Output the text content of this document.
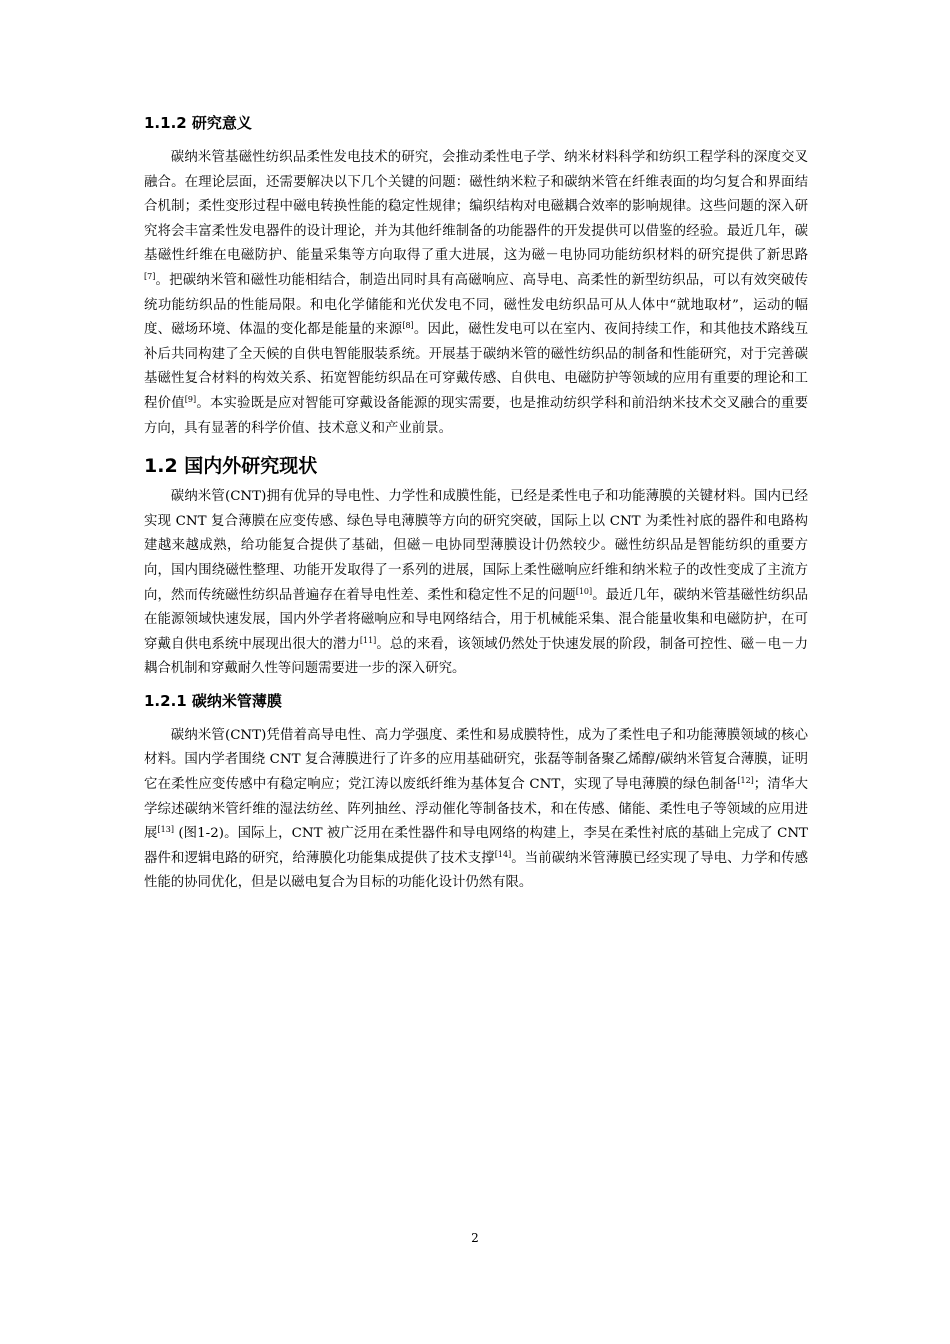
1.1.2 研究意义

碳纳米管基磁性纺织品柔性发电技术的研究，会推动柔性电子学、纳米材料科学和纺织工程学科的深度交叉融合。在理论层面，还需要解决以下几个关键的问题：磁性纳米粒子和碳纳米管在纤维表面的均匀复合和界面结合机制；柔性变形过程中磁电转换性能的稳定性规律；编织结构对电磁耦合效率的影响规律。这些问题的深入研究将会丰富柔性发电器件的设计理论，并为其他纤维制备的功能器件的开发提供可以借鉴的经验。最近几年，碳基磁性纤维在电磁防护、能量采集等方向取得了重大进展，这为磁－电协同功能纺织材料的研究提供了新思路[7]。把碳纳米管和磁性功能相结合，制造出同时具有高磁响应、高导电、高柔性的新型纺织品，可以有效突破传统功能纺织品的性能局限。和电化学储能和光伏发电不同，磁性发电纺织品可从人体中“就地取材”，运动的幅度、磁场环境、体温的变化都是能量的来源[8]。因此，磁性发电可以在室内、夜间持续工作，和其他技术路线互补后共同构建了全天候的自供电智能服装系统。开展基于碳纳米管的磁性纺织品的制备和性能研究，对于完善碳基磁性复合材料的构效关系、拓宽智能纺织品在可穿戴传感、自供电、电磁防护等领域的应用有重要的理论和工程价值[9]。本实验既是应对智能可穿戴设备能源的现实需要，也是推动纺织学科和前沿纳米技术交叉融合的重要方向，具有显著的科学价值、技术意义和产业前景。

1.2 国内外研究现状

碳纳米管(CNT)拥有优异的导电性、力学性和成膜性能，已经是柔性电子和功能薄膜的关键材料。国内已经实现 CNT 复合薄膜在应变传感、绿色导电薄膜等方向的研究突破，国际上以 CNT 为柔性衬底的器件和电路构建越来越成熟，给功能复合提供了基础，但磁－电协同型薄膜设计仍然较少。磁性纺织品是智能纺织的重要方向，国内围绕磁性整理、功能开发取得了一系列的进展，国际上柔性磁响应纤维和纳米粒子的改性变成了主流方向，然而传统磁性纺织品普遍存在着导电性差、柔性和稳定性不足的问题[10]。最近几年，碳纳米管基磁性纺织品在能源领域快速发展，国内外学者将磁响应和导电网络结合，用于机械能采集、混合能量收集和电磁防护，在可穿戴自供电系统中展现出很大的潜力[11]。总的来看，该领域仍然处于快速发展的阶段，制备可控性、磁－电－力耦合机制和穿戴耐久性等问题需要进一步的深入研究。

1.2.1 碳纳米管薄膜

碳纳米管(CNT)凭借着高导电性、高力学强度、柔性和易成膜特性，成为了柔性电子和功能薄膜领域的核心材料。国内学者围绕 CNT 复合薄膜进行了许多的应用基础研究，张磊等制备聚乙烯醇/碳纳米管复合薄膜，证明它在柔性应变传感中有稳定响应；党江涛以废纸纤维为基体复合 CNT，实现了导电薄膜的绿色制备[12]；清华大学综述碳纳米管纤维的湿法纺丝、阵列抽丝、浮动催化等制备技术，和在传感、储能、柔性电子等领域的应用进展[13] (图1-2)。国际上，CNT 被广泛用在柔性器件和导电网络的构建上，李昊在柔性衬底的基础上完成了 CNT 器件和逻辑电路的研究，给薄膜化功能集成提供了技术支撑[14]。当前碳纳米管薄膜已经实现了导电、力学和传感性能的协同优化，但是以磁电复合为目标的功能化设计仍然有限。

2
